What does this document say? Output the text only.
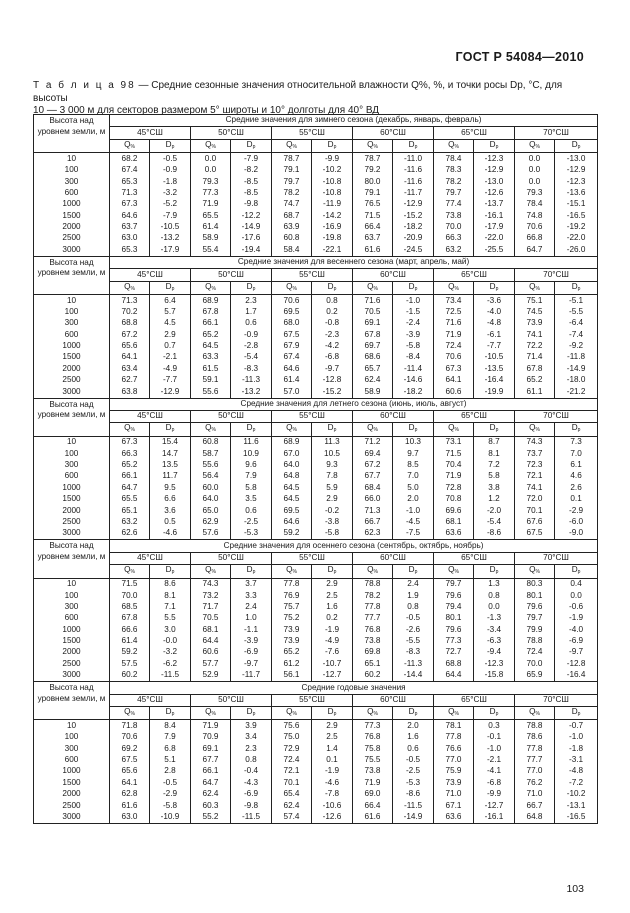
ГОСТ Р 54084—2010
Т а б л и ц а 98 — Средние сезонные значения относительной влажности Q%, %, и точки росы Dp, °С, для высоты
10 — 3 000 м для секторов размером 5° широты и 10° долготы для 40° ВД
Высота над уровнем земли, м	Средние значения для зимнего сезона (декабрь, январь, февраль)											
	45°СШ		50°СШ		55°СШ		60°СШ		65°СШ		70°СШ	
	$Q_{\%}$	$D_p$	$Q_{\%}$	$D_p$	$Q_{\%}$	$D_p$	$Q_{\%}$	$D_p$	$Q_{\%}$	$D_p$	$Q_{\%}$	$D_p$
10	68.2	-0.5	0.0	-7.9	78.7	-9.9	78.7	-11.0	78.4	-12.3	0.0	-13.0
100	67.4	-0.9	0.0	-8.2	79.1	-10.2	79.2	-11.6	78.3	-12.9	0.0	-12.9
300	65.3	-1.8	79.3	-8.5	79.7	-10.8	80.0	-11.6	78.2	-13.0	0.0	-12.3
600	71.3	-3.2	77.3	-8.5	78.2	-10.8	79.1	-11.7	79.7	-12.6	79.3	-13.6
1000	67.3	-5.2	71.9	-9.8	74.7	-11.9	76.5	-12.9	77.4	-13.7	78.4	-15.1
1500	64.6	-7.9	65.5	-12.2	68.7	-14.2	71.5	-15.2	73.8	-16.1	74.8	-16.5
2000	63.7	-10.5	61.4	-14.9	63.9	-16.9	66.4	-18.2	70.0	-17.9	70.6	-19.2
2500	63.0	-13.2	58.9	-17.6	60.8	-19.8	63.7	-20.9	66.3	-22.0	66.8	-22.0
3000	65.3	-17.9	55.4	-19.4	58.4	-22.1	61.6	-24.5	63.2	-25.5	64.7	-26.0
Высота над уровнем земли, м	Средние значения для весеннего сезона (март, апрель, май)											
	45°СШ		50°СШ		55°СШ		60°СШ		65°СШ		70°СШ	
	$Q_{\%}$	$D_p$	$Q_{\%}$	$D_p$	$Q_{\%}$	$D_p$	$Q_{\%}$	$D_p$	$Q_{\%}$	$D_p$	$Q_{\%}$	$D_p$
10	71.3	6.4	68.9	2.3	70.6	0.8	71.6	-1.0	73.4	-3.6	75.1	-5.1
100	70.2	5.7	67.8	1.7	69.5	0.2	70.5	-1.5	72.5	-4.0	74.5	-5.5
300	68.8	4.5	66.1	0.6	68.0	-0.8	69.1	-2.4	71.6	-4.8	73.9	-6.4
600	67.2	2.9	65.2	-0.9	67.5	-2.3	67.8	-3.9	71.9	-6.1	74.1	-7.4
1000	65.6	0.7	64.5	-2.8	67.9	-4.2	69.7	-5.8	72.4	-7.7	72.2	-9.2
1500	64.1	-2.1	63.3	-5.4	67.4	-6.8	68.6	-8.4	70.6	-10.5	71.4	-11.8
2000	63.4	-4.9	61.5	-8.3	64.6	-9.7	65.7	-11.4	67.3	-13.5	67.8	-14.9
2500	62.7	-7.7	59.1	-11.3	61.4	-12.8	62.4	-14.6	64.1	-16.4	65.2	-18.0
3000	63.8	-12.9	55.6	-13.2	57.0	-15.2	58.9	-18.2	60.6	-19.9	61.1	-21.2
Высота над уровнем земли, м	Средние значения для летнего сезона (июнь, июль, август)											
	45°СШ		50°СШ		55°СШ		60°СШ		65°СШ		70°СШ	
	$Q_{\%}$	$D_p$	$Q_{\%}$	$D_p$	$Q_{\%}$	$D_p$	$Q_{\%}$	$D_p$	$Q_{\%}$	$D_p$	$Q_{\%}$	$D_p$
10	67.3	15.4	60.8	11.6	68.9	11.3	71.2	10.3	73.1	8.7	74.3	7.3
100	66.3	14.7	58.7	10.9	67.0	10.5	69.4	9.7	71.5	8.1	73.7	7.0
300	65.2	13.5	55.6	9.6	64.0	9.3	67.2	8.5	70.4	7.2	72.3	6.1
600	66.1	11.7	56.4	7.9	64.8	7.8	67.7	7.0	71.9	5.8	72.1	4.6
1000	64.7	9.5	60.0	5.8	64.5	5.9	68.4	5.0	72.8	3.8	74.1	2.6
1500	65.5	6.6	64.0	3.5	64.5	2.9	66.0	2.0	70.8	1.2	72.0	0.1
2000	65.1	3.6	65.0	0.6	69.5	-0.2	71.3	-1.0	69.6	-2.0	70.1	-2.9
2500	63.2	0.5	62.9	-2.5	64.6	-3.8	66.7	-4.5	68.1	-5.4	67.6	-6.0
3000	62.6	-4.6	57.6	-5.3	59.2	-5.8	62.3	-7.5	63.6	-8.6	67.5	-9.0
Высота над уровнем земли, м	Средние значения для осеннего сезона (сентябрь, октябрь, ноябрь)											
	45°СШ		50°СШ		55°СШ		60°СШ		65°СШ		70°СШ	
	$Q_{\%}$	$D_p$	$Q_{\%}$	$D_p$	$Q_{\%}$	$D_p$	$Q_{\%}$	$D_p$	$Q_{\%}$	$D_p$	$Q_{\%}$	$D_p$
10	71.5	8.6	74.3	3.7	77.8	2.9	78.8	2.4	79.7	1.3	80.3	0.4
100	70.0	8.1	73.2	3.3	76.9	2.5	78.2	1.9	79.6	0.8	80.1	0.0
300	68.5	7.1	71.7	2.4	75.7	1.6	77.8	0.8	79.4	0.0	79.6	-0.6
600	67.8	5.5	70.5	1.0	75.2	0.2	77.7	-0.5	80.1	-1.3	79.7	-1.9
1000	66.6	3.0	68.1	-1.1	73.9	-1.9	76.8	-2.6	79.6	-3.4	79.9	-4.0
1500	61.4	-0.0	64.4	-3.9	73.9	-4.9	73.8	-5.5	77.3	-6.3	78.8	-6.9
2000	59.2	-3.2	60.6	-6.9	65.2	-7.6	69.8	-8.3	72.7	-9.4	72.4	-9.7
2500	57.5	-6.2	57.7	-9.7	61.2	-10.7	65.1	-11.3	68.8	-12.3	70.0	-12.8
3000	60.2	-11.5	52.9	-11.7	56.1	-12.7	60.2	-14.4	64.4	-15.8	65.9	-16.4
Высота над уровнем земли, м	Средние годовые значения											
	45°СШ		50°СШ		55°СШ		60°СШ		65°СШ		70°СШ	
	$Q_{\%}$	$D_p$	$Q_{\%}$	$D_p$	$Q_{\%}$	$D_p$	$Q_{\%}$	$D_p$	$Q_{\%}$	$D_p$	$Q_{\%}$	$D_p$
10	71.8	8.4	71.9	3.9	75.6	2.9	77.3	2.0	78.1	0.3	78.8	-0.7
100	70.6	7.9	70.9	3.4	75.0	2.5	76.8	1.6	77.8	-0.1	78.6	-1.0
300	69.2	6.8	69.1	2.3	72.9	1.4	75.8	0.6	76.6	-1.0	77.8	-1.8
600	67.5	5.1	67.7	0.8	72.4	0.1	75.5	-0.5	77.0	-2.1	77.7	-3.1
1000	65.6	2.8	66.1	-0.4	72.1	-1.9	73.8	-2.5	75.9	-4.1	77.0	-4.8
1500	64.1	-0.5	64.7	-4.3	70.1	-4.6	71.9	-5.3	73.9	-6.8	76.2	-7.2
2000	62.8	-2.9	62.4	-6.9	65.4	-7.8	69.0	-8.6	71.0	-9.9	71.0	-10.2
2500	61.6	-5.8	60.3	-9.8	62.4	-10.6	66.4	-11.5	67.1	-12.7	66.7	-13.1
3000	63.0	-10.9	55.2	-11.5	57.4	-12.6	61.6	-14.9	63.6	-16.1	64.8	-16.5
103
